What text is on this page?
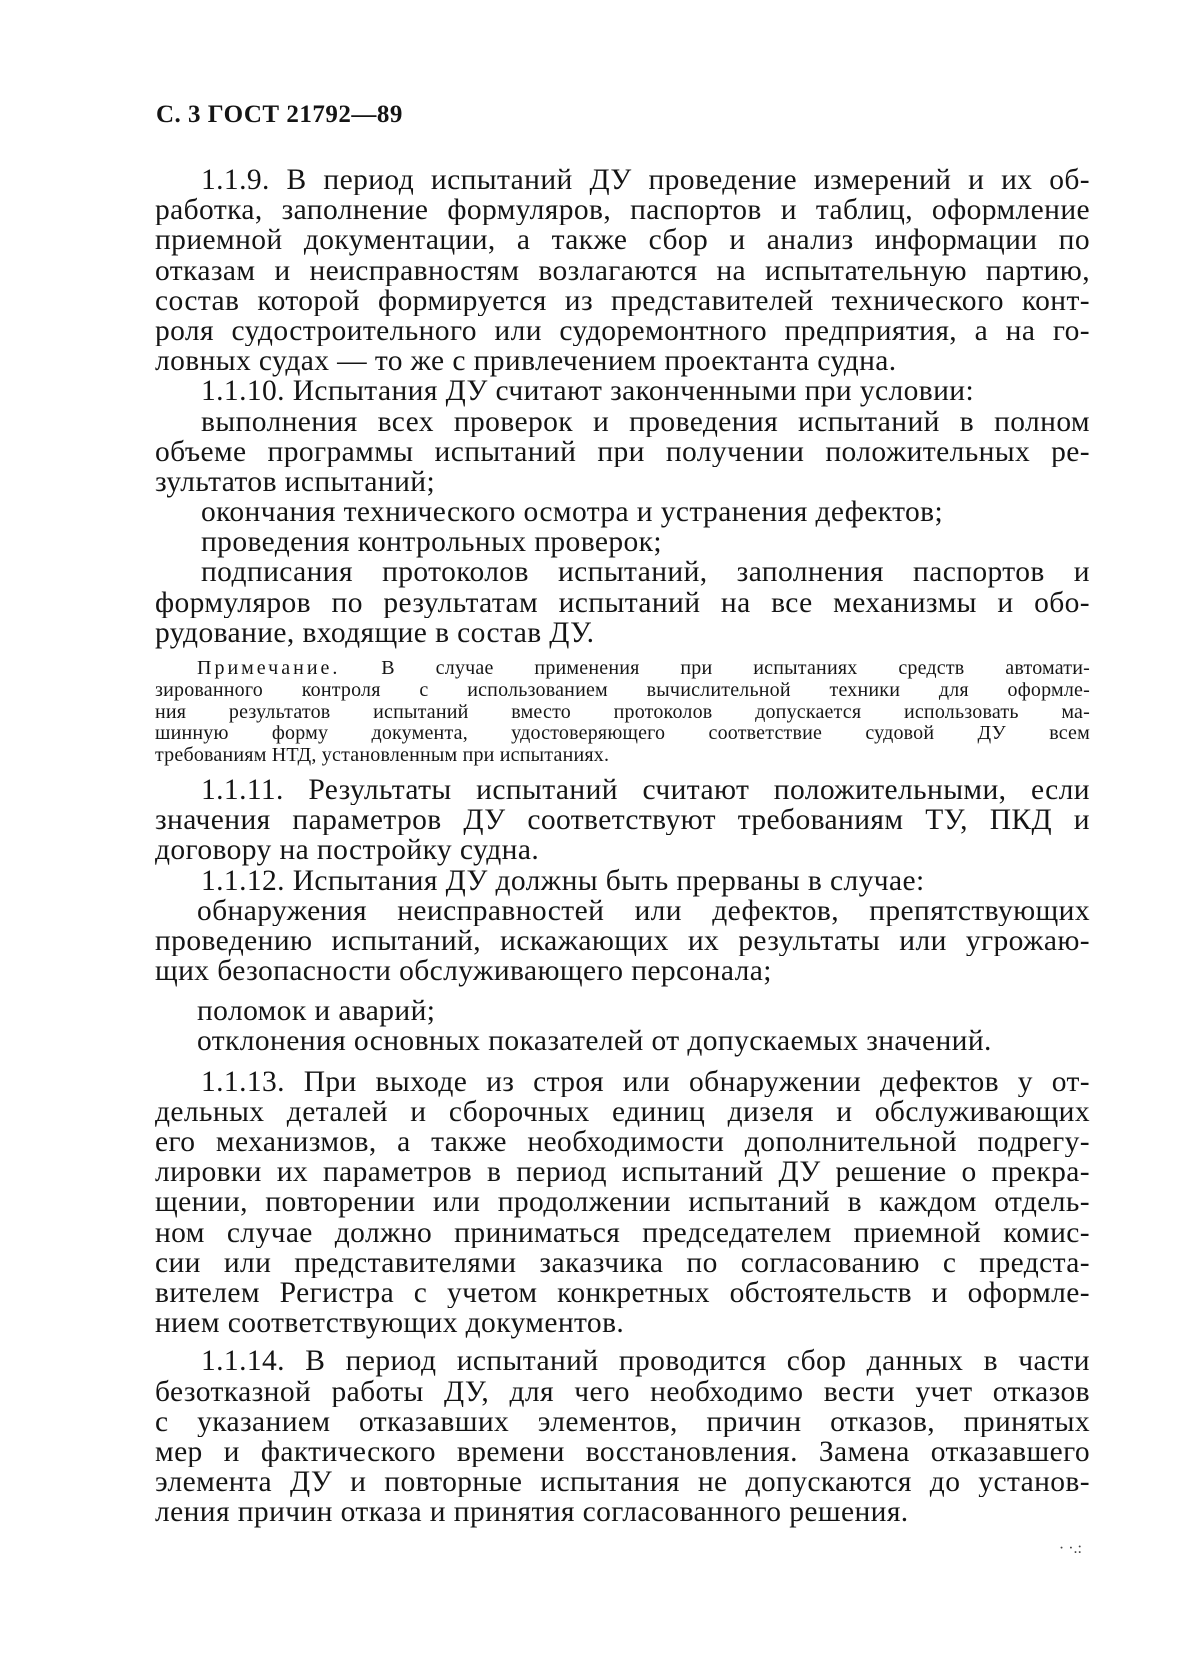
С. 3 ГОСТ 21792—89
1.1.9. В период испытаний ДУ проведение измерений и их об-
работка, заполнение формуляров, паспортов и таблиц, оформление
приемной документации, а также сбор и анализ информации по
отказам и неисправностям возлагаются на испытательную партию,
состав которой формируется из представителей технического конт-
роля судостроительного или судоремонтного предприятия, а на го-
ловных судах — то же с привлечением проектанта судна.
1.1.10. Испытания ДУ считают законченными при условии:
выполнения всех проверок и проведения испытаний в полном
объеме программы испытаний при получении положительных ре-
зультатов испытаний;
окончания технического осмотра и устранения дефектов;
проведения контрольных проверок;
подписания протоколов испытаний, заполнения паспортов и
формуляров по результатам испытаний на все механизмы и обо-
рудование, входящие в состав ДУ.
Примечание. В случае применения при испытаниях средств автомати-
зированного контроля с использованием вычислительной техники для оформле-
ния результатов испытаний вместо протоколов допускается использовать ма-
шинную форму документа, удостоверяющего соответствие судовой ДУ всем
требованиям НТД, установленным при испытаниях.
1.1.11. Результаты испытаний считают положительными, если
значения параметров ДУ соответствуют требованиям ТУ, ПКД и
договору на постройку судна.
1.1.12. Испытания ДУ должны быть прерваны в случае:
обнаружения неисправностей или дефектов, препятствующих
проведению испытаний, искажающих их результаты или угрожаю-
щих безопасности обслуживающего персонала;
поломок и аварий;
отклонения основных показателей от допускаемых значений.
1.1.13. При выходе из строя или обнаружении дефектов у от-
дельных деталей и сборочных единиц дизеля и обслуживающих
его механизмов, а также необходимости дополнительной подрегу-
лировки их параметров в период испытаний ДУ решение о прекра-
щении, повторении или продолжении испытаний в каждом отдель-
ном случае должно приниматься председателем приемной комис-
сии или представителями заказчика по согласованию с предста-
вителем Регистра с учетом конкретных обстоятельств и оформле-
нием соответствующих документов.
1.1.14. В период испытаний проводится сбор данных в части
безотказной работы ДУ, для чего необходимо вести учет отказов
с указанием отказавших элементов, причин отказов, принятых
мер и фактического времени восстановления. Замена отказавшего
элемента ДУ и повторные испытания не допускаются до установ-
ления причин отказа и принятия согласованного решения.
· ·.:
